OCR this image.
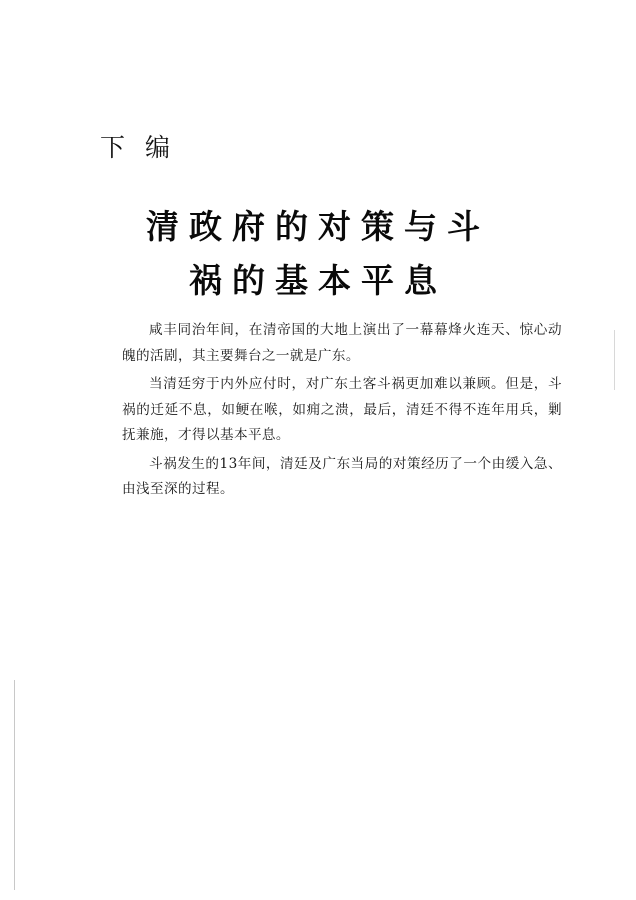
下编
清政府的对策与斗
祸的基本平息

咸丰同治年间，在清帝国的大地上演出了一幕幕烽火连天、惊心动魄的活剧，其主要舞台之一就是广东。

当清廷穷于内外应付时，对广东土客斗祸更加难以兼顾。但是，斗祸的迁延不息，如鲠在喉，如痈之溃，最后，清廷不得不连年用兵，剿抚兼施，才得以基本平息。

斗祸发生的13年间，清廷及广东当局的对策经历了一个由缓入急、由浅至深的过程。
